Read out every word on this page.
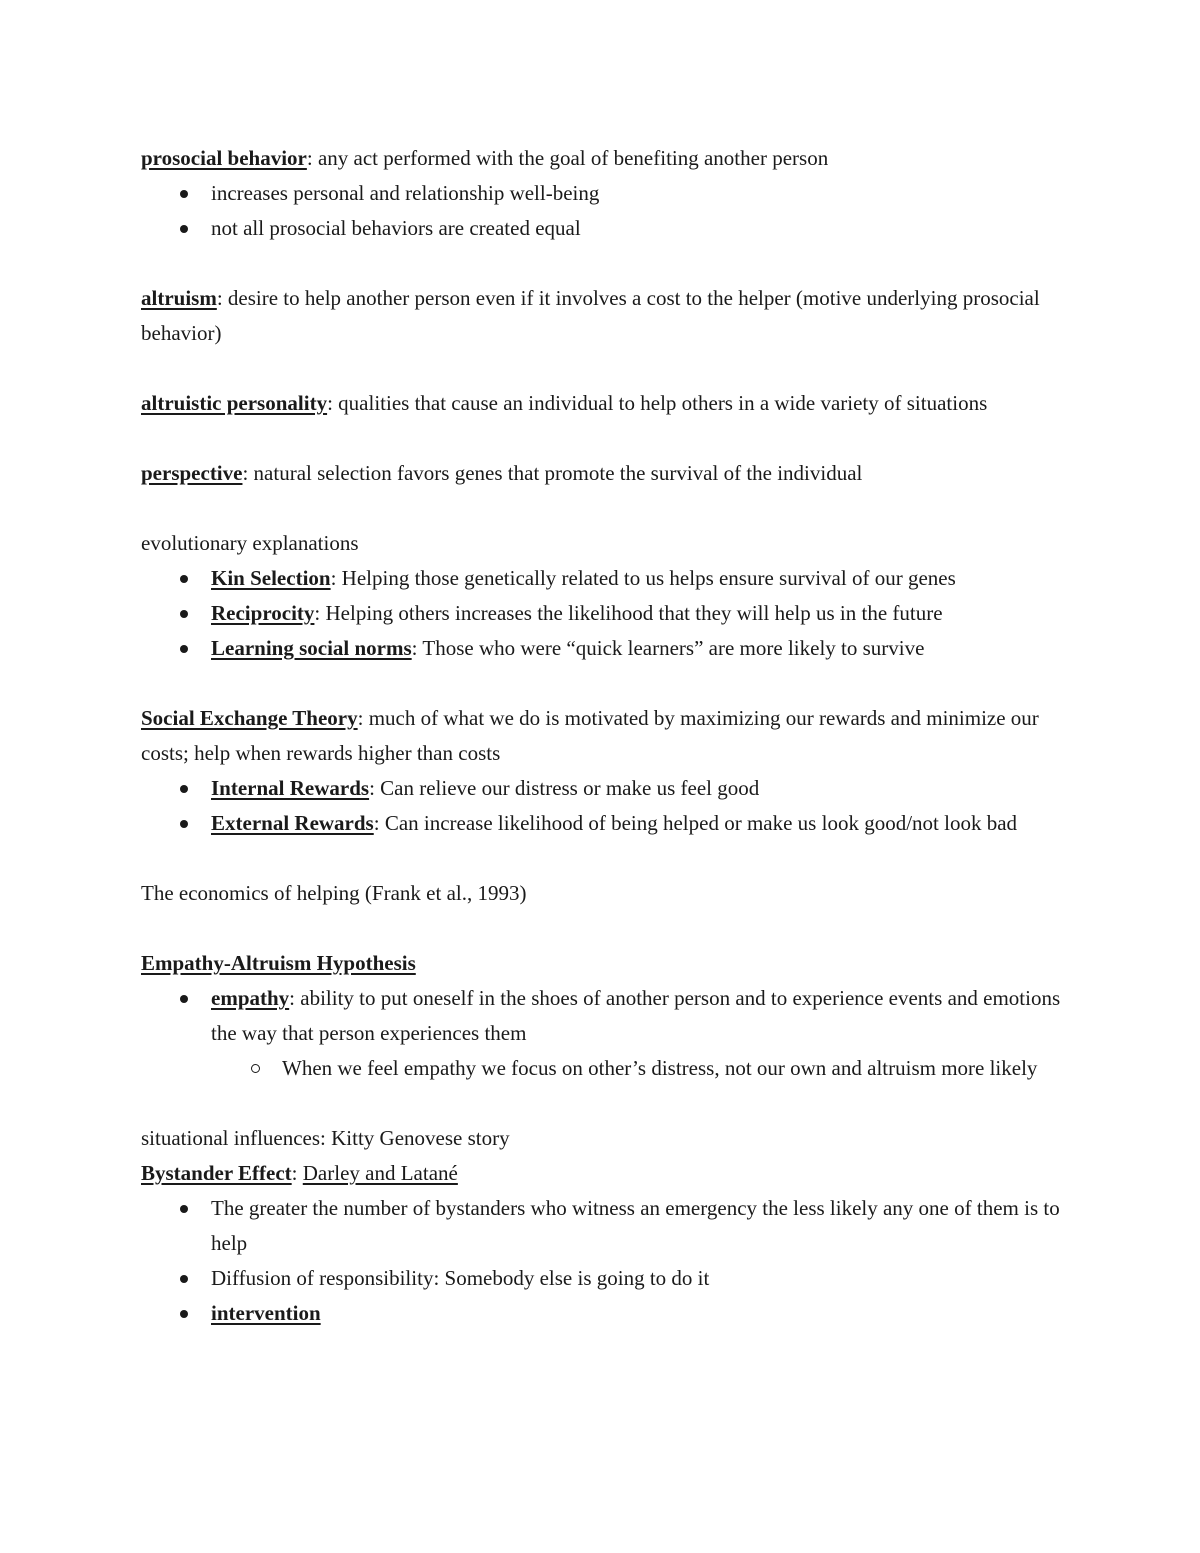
prosocial behavior: any act performed with the goal of benefiting another person

increases personal and relationship well-being
not all prosocial behaviors are created equal

altruism: desire to help another person even if it involves a cost to the helper (motive underlying prosocial behavior)

altruistic personality: qualities that cause an individual to help others in a wide variety of situations

perspective: natural selection favors genes that promote the survival of the individual

evolutionary explanations

Kin Selection: Helping those genetically related to us helps ensure survival of our genes
Reciprocity: Helping others increases the likelihood that they will help us in the future
Learning social norms: Those who were “quick learners” are more likely to survive

Social Exchange Theory: much of what we do is motivated by maximizing our rewards and minimize our costs; help when rewards higher than costs

Internal Rewards: Can relieve our distress or make us feel good
External Rewards: Can increase likelihood of being helped or make us look good/not look bad

The economics of helping (Frank et al., 1993)

Empathy-Altruism Hypothesis

empathy: ability to put oneself in the shoes of another person and to experience events and emotions the way that person experiences them
When we feel empathy we focus on other’s distress, not our own and altruism more likely

situational influences: Kitty Genovese story

Bystander Effect: Darley and Latané

The greater the number of bystanders who witness an emergency the less likely any one of them is to help
Diffusion of responsibility: Somebody else is going to do it
intervention
